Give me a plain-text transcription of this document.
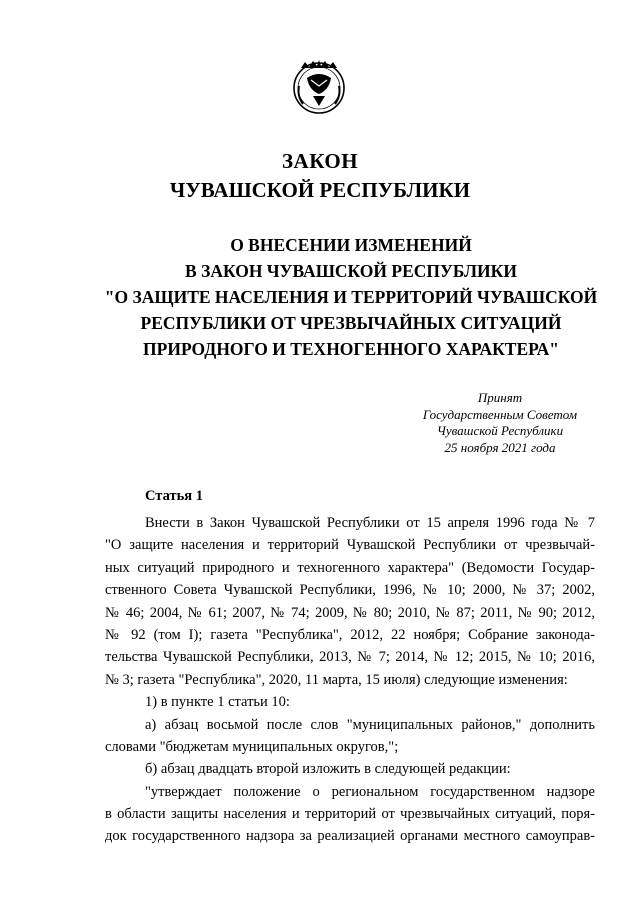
ЗАКОН
ЧУВАШСКОЙ РЕСПУБЛИКИ
О ВНЕСЕНИИ ИЗМЕНЕНИЙ
В ЗАКОН ЧУВАШСКОЙ РЕСПУБЛИКИ
"О ЗАЩИТЕ НАСЕЛЕНИЯ И ТЕРРИТОРИЙ ЧУВАШСКОЙ
РЕСПУБЛИКИ ОТ ЧРЕЗВЫЧАЙНЫХ СИТУАЦИЙ
ПРИРОДНОГО И ТЕХНОГЕННОГО ХАРАКТЕРА"
Принят
Государственным Советом
Чувашской Республики
25 ноября 2021 года
Статья 1
Внести в Закон Чувашской Республики от 15 апреля 1996 года № 7
"О защите населения и территорий Чувашской Республики от чрезвычай-
ных ситуаций природного и техногенного характера" (Ведомости Государ-
ственного Совета Чувашской Республики, 1996, № 10; 2000, № 37; 2002,
№ 46; 2004, № 61; 2007, № 74; 2009, № 80; 2010, № 87; 2011, № 90; 2012,
№ 92 (том I); газета "Республика", 2012, 22 ноября; Собрание законода-
тельства Чувашской Республики, 2013, № 7; 2014, № 12; 2015, № 10; 2016,
№ 3; газета "Республика", 2020, 11 марта, 15 июля) следующие изменения:
1) в пункте 1 статьи 10:
а) абзац восьмой после слов "муниципальных районов," дополнить
словами "бюджетам муниципальных округов,";
б) абзац двадцать второй изложить в следующей редакции:
"утверждает положение о региональном государственном надзоре
в области защиты населения и территорий от чрезвычайных ситуаций, поря-
док государственного надзора за реализацией органами местного самоуправ-
